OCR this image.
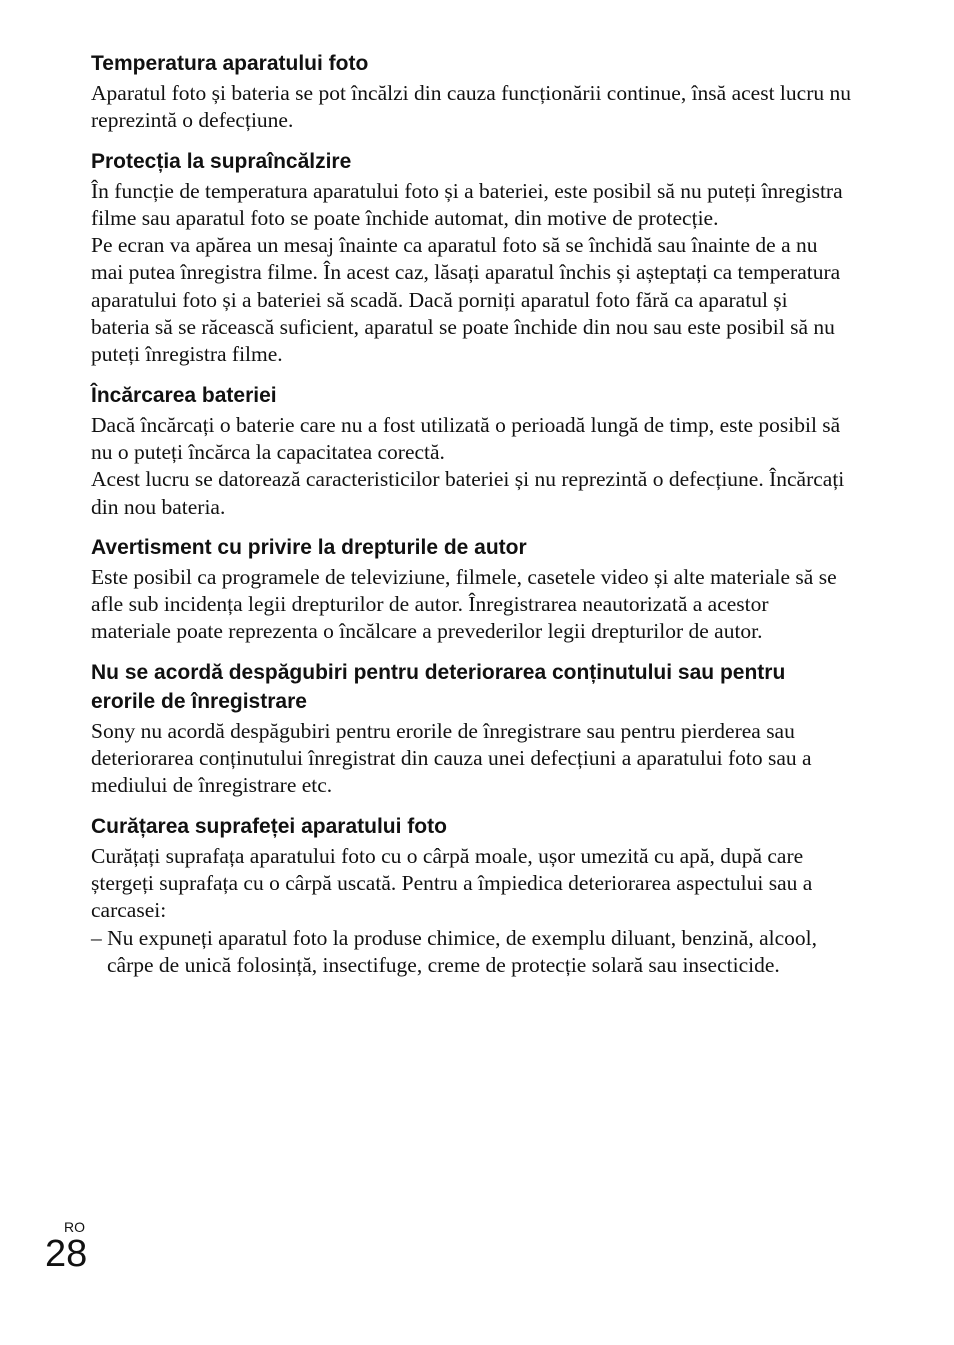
Temperatura aparatului foto

Aparatul foto și bateria se pot încălzi din cauza funcționării continue, însă acest lucru nu reprezintă o defecțiune.

Protecția la supraîncălzire

În funcție de temperatura aparatului foto și a bateriei, este posibil să nu puteți înregistra filme sau aparatul foto se poate închide automat, din motive de protecție.

Pe ecran va apărea un mesaj înainte ca aparatul foto să se închidă sau înainte de a nu mai putea înregistra filme. În acest caz, lăsați aparatul închis și așteptați ca temperatura aparatului foto și a bateriei să scadă. Dacă porniți aparatul foto fără ca aparatul și bateria să se răcească suficient, aparatul se poate închide din nou sau este posibil să nu puteți înregistra filme.

Încărcarea bateriei

Dacă încărcați o baterie care nu a fost utilizată o perioadă lungă de timp, este posibil să nu o puteți încărca la capacitatea corectă.

Acest lucru se datorează caracteristicilor bateriei și nu reprezintă o defecțiune. Încărcați din nou bateria.

Avertisment cu privire la drepturile de autor

Este posibil ca programele de televiziune, filmele, casetele video și alte materiale să se afle sub incidența legii drepturilor de autor. Înregistrarea neautorizată a acestor materiale poate reprezenta o încălcare a prevederilor legii drepturilor de autor.

Nu se acordă despăgubiri pentru deteriorarea conținutului sau pentru erorile de înregistrare

Sony nu acordă despăgubiri pentru erorile de înregistrare sau pentru pierderea sau deteriorarea conținutului înregistrat din cauza unei defecțiuni a aparatului foto sau a mediului de înregistrare etc.

Curățarea suprafeței aparatului foto

Curățați suprafața aparatului foto cu o cârpă moale, ușor umezită cu apă, după care ștergeți suprafața cu o cârpă uscată. Pentru a împiedica deteriorarea aspectului sau a carcasei:

– Nu expuneți aparatul foto la produse chimice, de exemplu diluant, benzină, alcool, cârpe de unică folosință, insectifuge, creme de protecție solară sau insecticide.

RO
28
